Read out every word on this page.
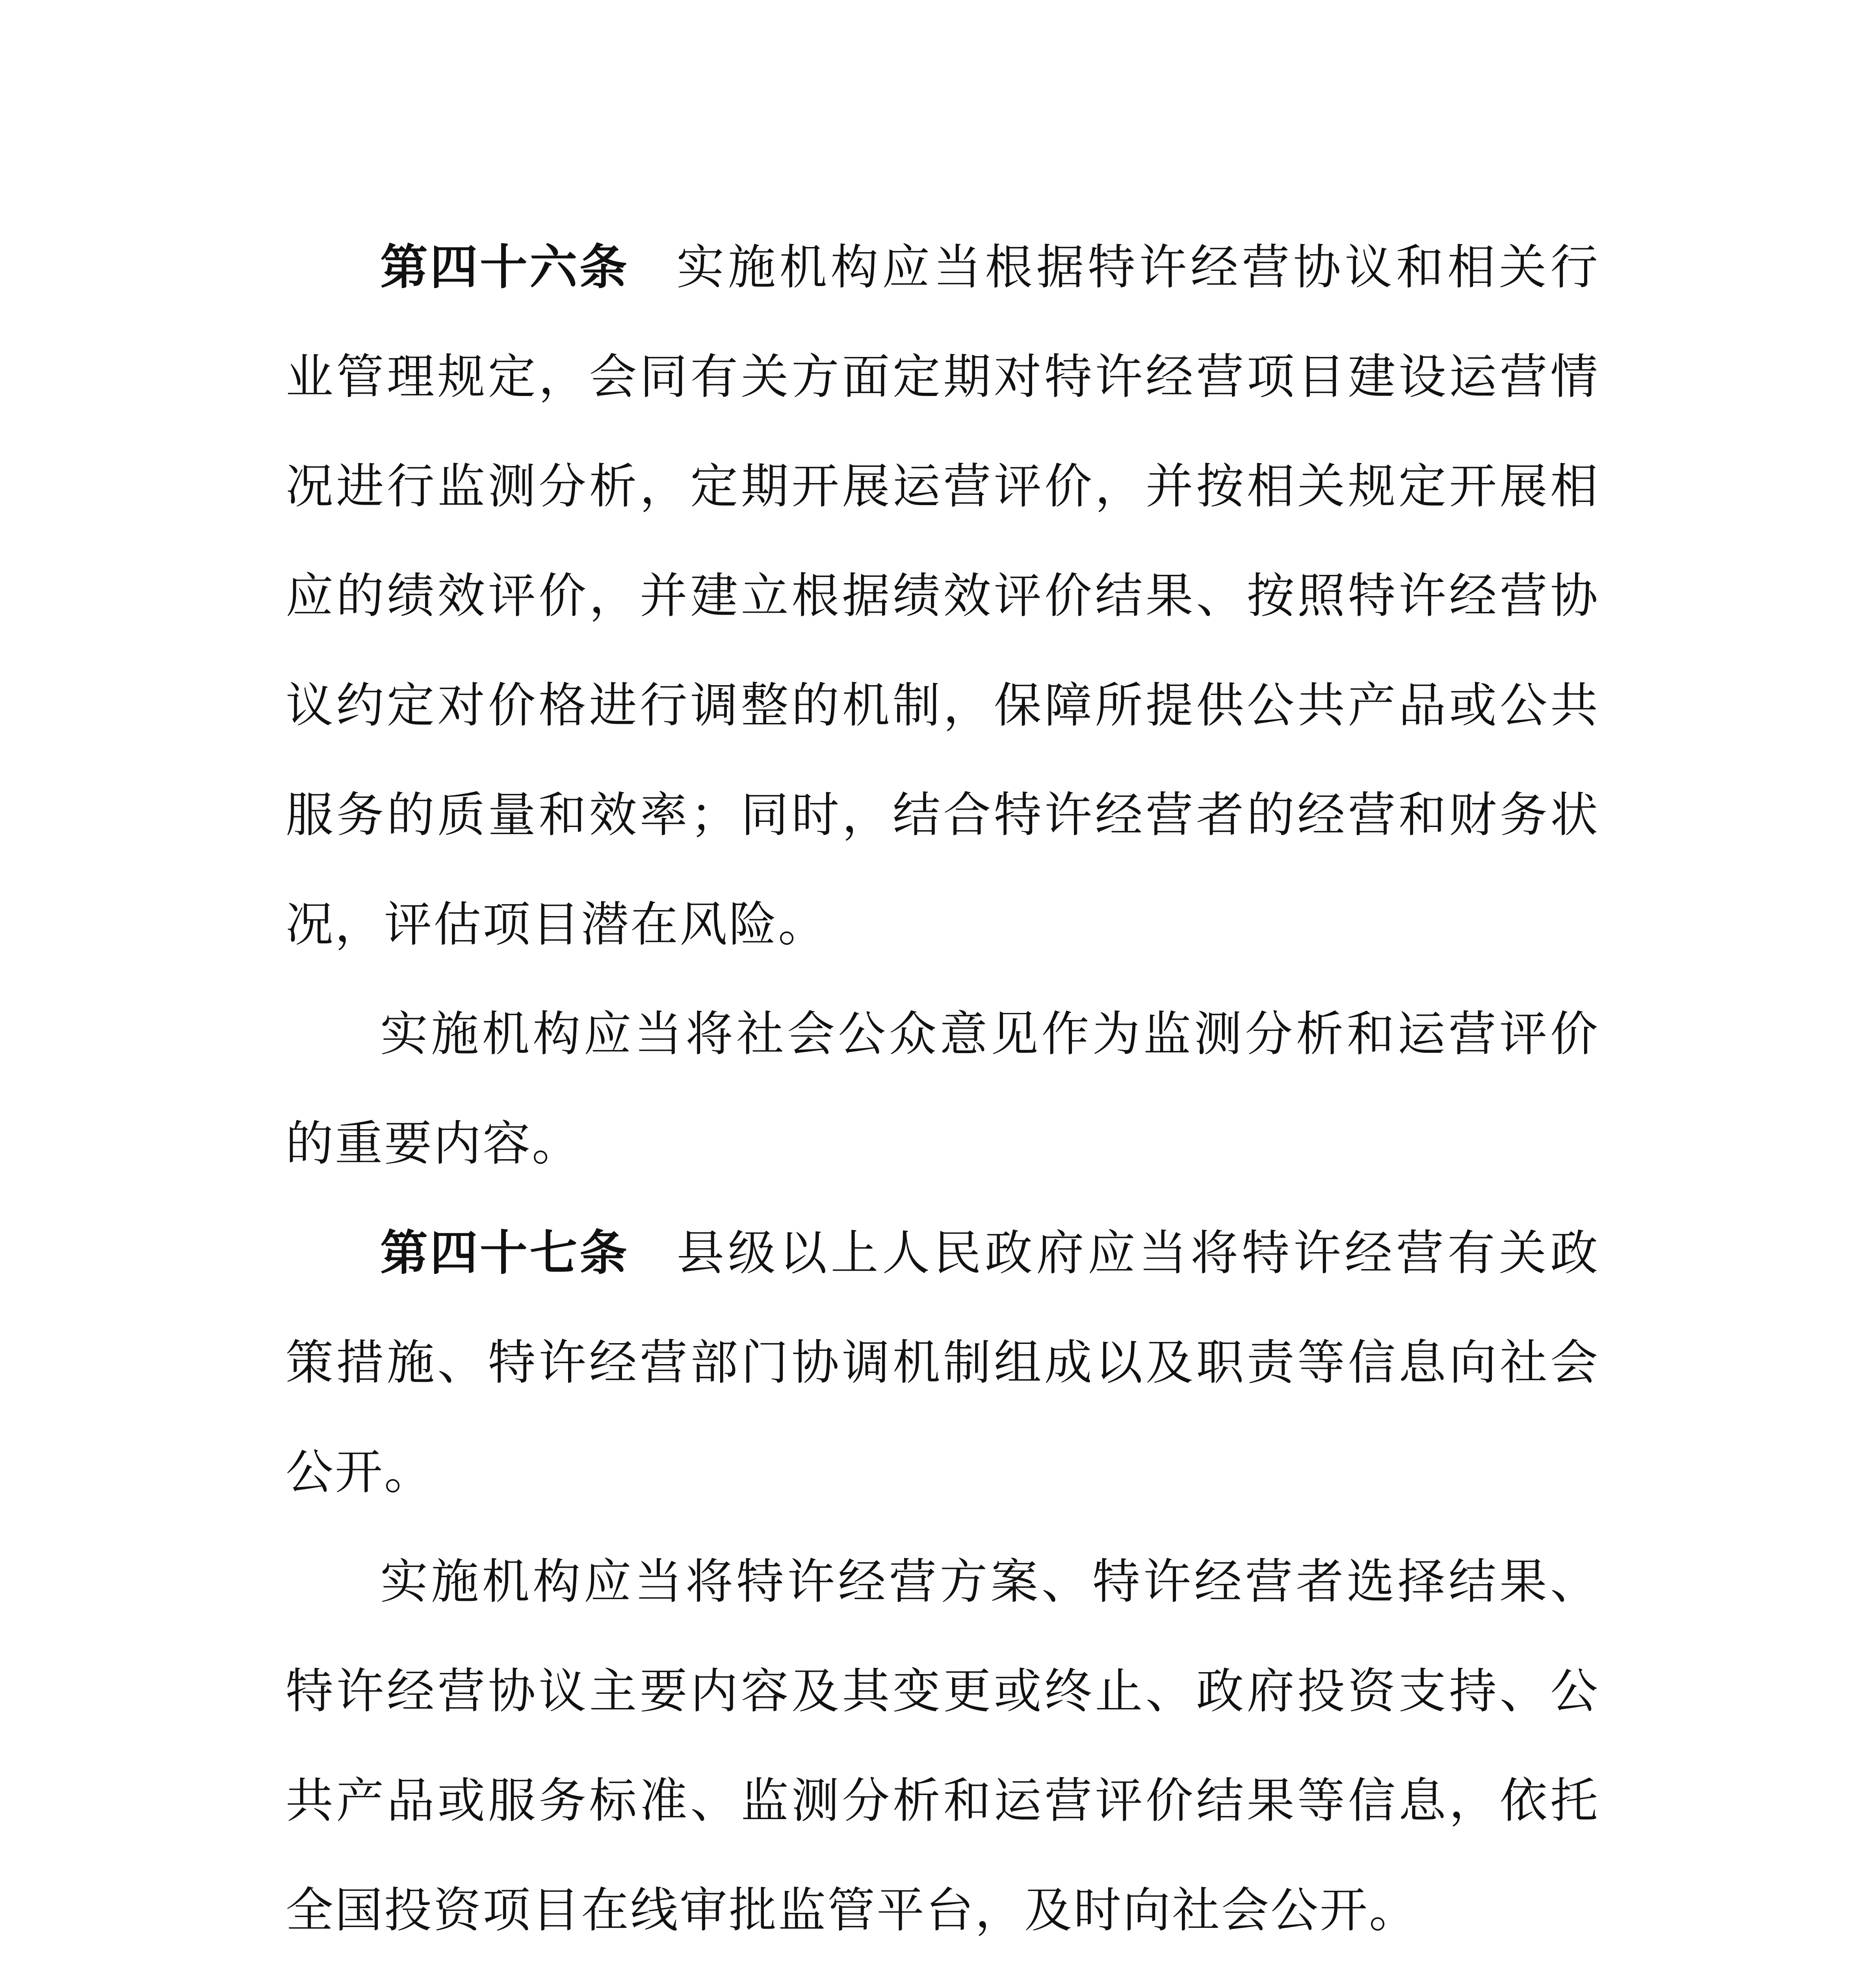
第四十六条 实施机构应当根据特许经营协议和相关行业管理规定，会同有关方面定期对特许经营项目建设运营情况进行监测分析，定期开展运营评价，并按相关规定开展相应的绩效评价，并建立根据绩效评价结果、按照特许经营协议约定对价格进行调整的机制，保障所提供公共产品或公共服务的质量和效率；同时，结合特许经营者的经营和财务状况，评估项目潜在风险。

实施机构应当将社会公众意见作为监测分析和运营评价的重要内容。

第四十七条 县级以上人民政府应当将特许经营有关政策措施、特许经营部门协调机制组成以及职责等信息向社会公开。

实施机构应当将特许经营方案、特许经营者选择结果、特许经营协议主要内容及其变更或终止、政府投资支持、公共产品或服务标准、监测分析和运营评价结果等信息，依托全国投资项目在线审批监管平台，及时向社会公开。
